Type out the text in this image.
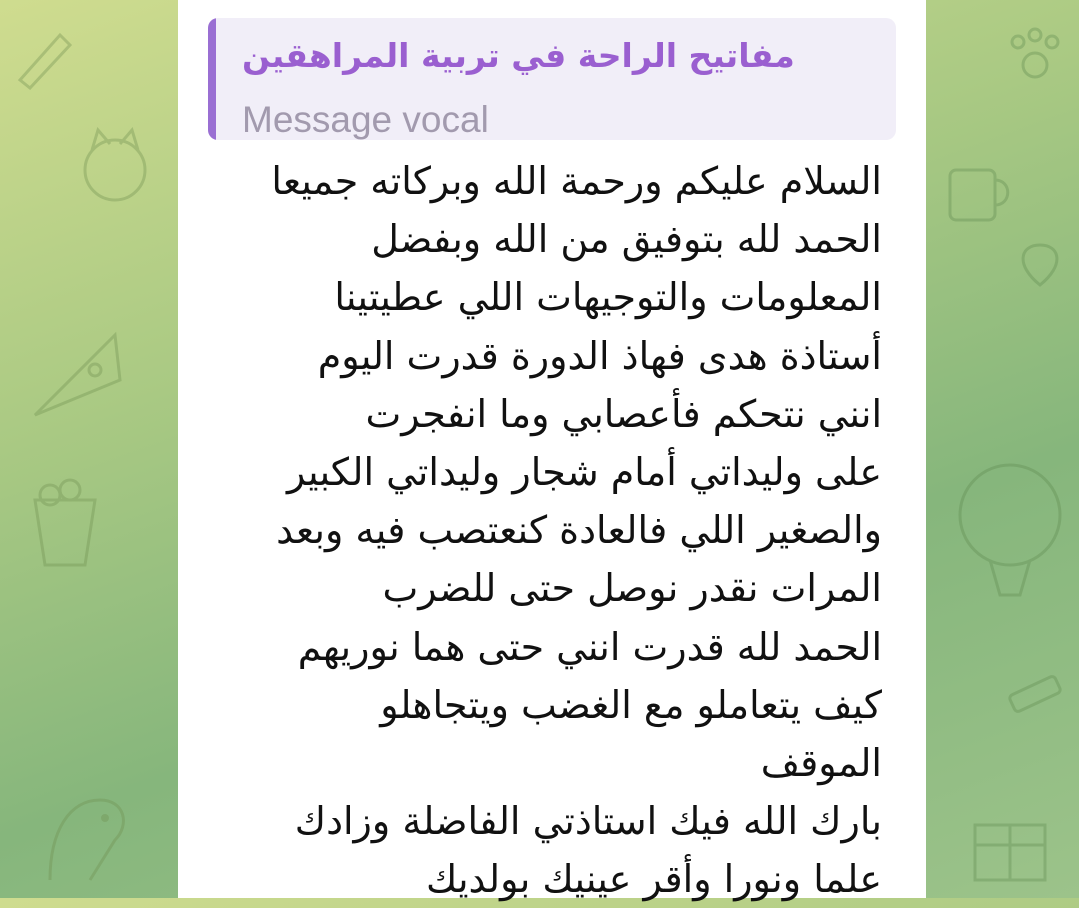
مفاتيح الراحة في تربية المراهقين
Message vocal
السلام عليكم ورحمة الله وبركاته جميعا
الحمد لله بتوفيق من الله وبفضل
المعلومات والتوجيهات اللي عطيتينا
أستاذة هدى فهاذ الدورة قدرت اليوم
انني نتحكم فأعصابي وما انفجرت
على وليداتي أمام شجار وليداتي الكبير
والصغير اللي فالعادة كنعتصب فيه وبعد
المرات نقدر نوصل حتى للضرب
الحمد لله قدرت انني حتى هما نوريهم
كيف يتعاملو مع الغضب ويتجاهلو
الموقف
بارك الله فيك استاذتي الفاضلة وزادك
علما ونورا وأقر عينيك بولديك
